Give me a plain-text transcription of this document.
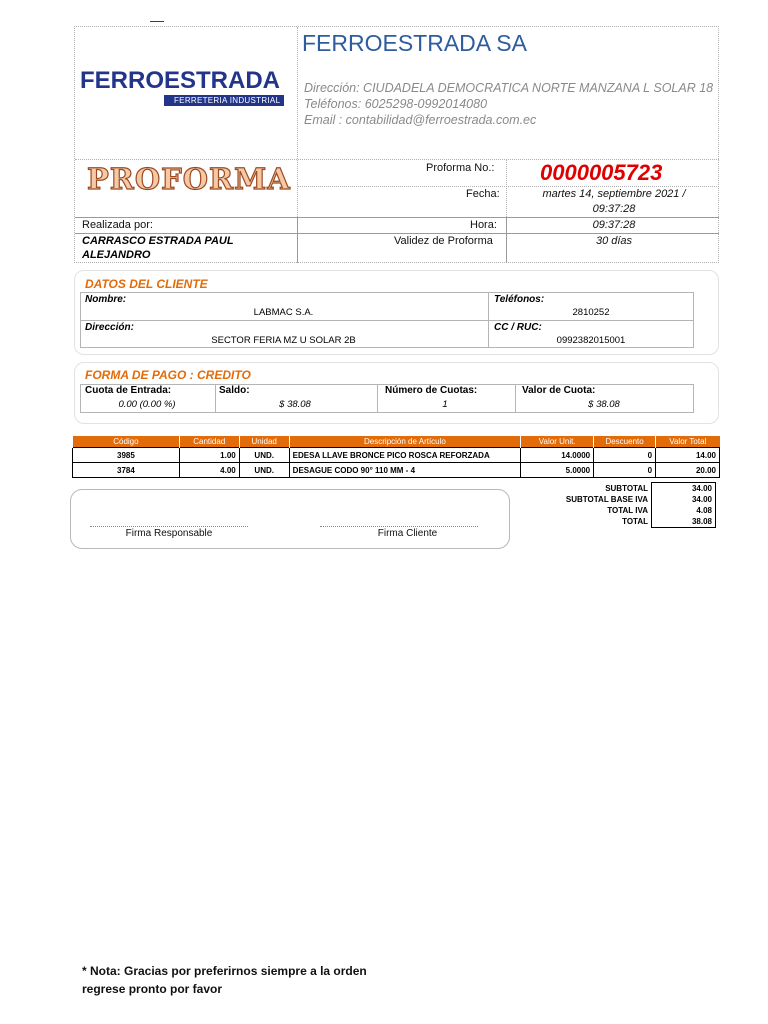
FERROESTRADA SA
Dirección: CIUDADELA DEMOCRATICA NORTE MANZANA L SOLAR 18
Teléfonos: 6025298-0992014080
Email : contabilidad@ferroestrada.com.ec
FERROESTRADA
FERRETERIA INDUSTRIAL
PROFORMA	Proforma No.: 0000005723
Fecha:	martes 14, septiembre 2021 /
09:37:28
Realizada por:	Hora:	09:37:28
CARRASCO ESTRADA PAUL
ALEJANDRO
Validez de Proforma	30 días
DATOS DEL CLIENTE
Nombre:
LABMAC S.A.
Teléfonos:
2810252
Dirección:
SECTOR FERIA MZ U SOLAR 2B
CC / RUC:
0992382015001
FORMA DE PAGO : CREDITO
Cuota de Entrada:
0.00 (0.00 %)
Saldo:
$ 38.08
Número de Cuotas:
1
Valor de Cuota:
$ 38.08
Código	Cantidad	Unidad	Descripción de Artículo	Valor Unit.	Descuento	Valor Total
3985	1.00	UND.	EDESA LLAVE BRONCE PICO ROSCA REFORZADA	14.0000	0	14.00
3784	4.00	UND.	DESAGUE CODO 90° 110 MM - 4	5.0000	0	20.00
SUBTOTAL	34.00
SUBTOTAL BASE IVA	34.00
TOTAL IVA	4.08
TOTAL	38.08
Firma Responsable	Firma Cliente
* Nota: Gracias por preferirnos siempre a la orden
regrese pronto por favor
